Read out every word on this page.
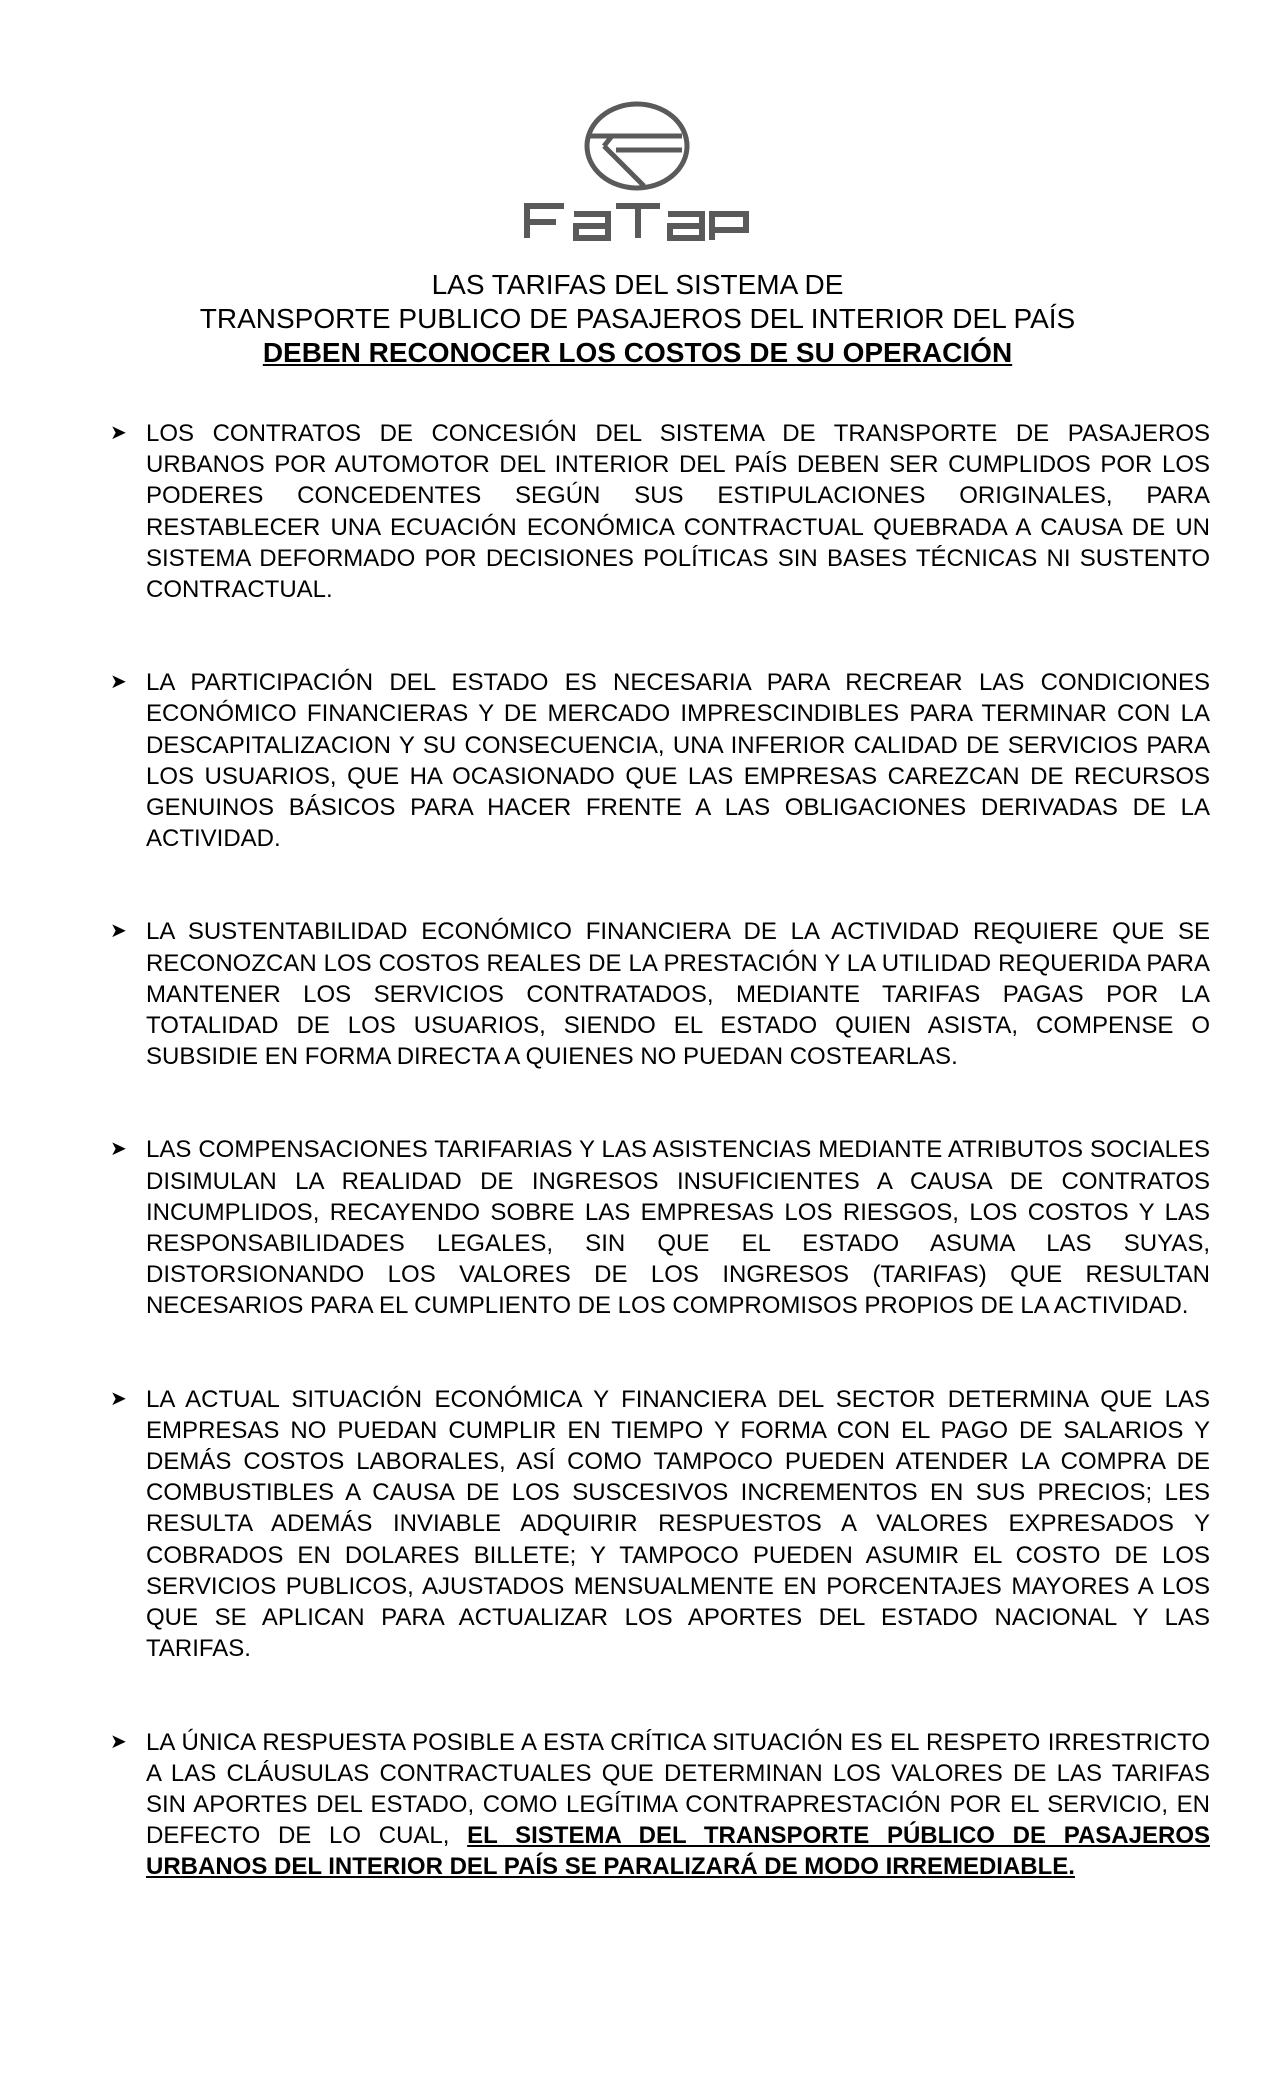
LAS TARIFAS DEL SISTEMA DE
TRANSPORTE PUBLICO DE PASAJEROS DEL INTERIOR DEL PAÍS
DEBEN RECONOCER LOS COSTOS DE SU OPERACIÓN
➤ LOS CONTRATOS DE CONCESIÓN DEL SISTEMA DE TRANSPORTE DE PASAJEROS URBANOS POR AUTOMOTOR DEL INTERIOR DEL PAÍS DEBEN SER CUMPLIDOS POR LOS PODERES CONCEDENTES SEGÚN SUS ESTIPULACIONES ORIGINALES, PARA RESTABLECER UNA ECUACIÓN ECONÓMICA CONTRACTUAL QUEBRADA A CAUSA DE UN SISTEMA DEFORMADO POR DECISIONES POLÍTICAS SIN BASES TÉCNICAS NI SUSTENTO CONTRACTUAL.
➤ LA PARTICIPACIÓN DEL ESTADO ES NECESARIA PARA RECREAR LAS CONDICIONES ECONÓMICO FINANCIERAS Y DE MERCADO IMPRESCINDIBLES PARA TERMINAR CON LA DESCAPITALIZACION Y SU CONSECUENCIA, UNA INFERIOR CALIDAD DE SERVICIOS PARA LOS USUARIOS, QUE HA OCASIONADO QUE LAS EMPRESAS CAREZCAN DE RECURSOS GENUINOS BÁSICOS PARA HACER FRENTE A LAS OBLIGACIONES DERIVADAS DE LA ACTIVIDAD.
➤ LA SUSTENTABILIDAD ECONÓMICO FINANCIERA DE LA ACTIVIDAD REQUIERE QUE SE RECONOZCAN LOS COSTOS REALES DE LA PRESTACIÓN Y LA UTILIDAD REQUERIDA PARA MANTENER LOS SERVICIOS CONTRATADOS, MEDIANTE TARIFAS PAGAS POR LA TOTALIDAD DE LOS USUARIOS, SIENDO EL ESTADO QUIEN ASISTA, COMPENSE O SUBSIDIE EN FORMA DIRECTA A QUIENES NO PUEDAN COSTEARLAS.
➤ LAS COMPENSACIONES TARIFARIAS Y LAS ASISTENCIAS MEDIANTE ATRIBUTOS SOCIALES DISIMULAN LA REALIDAD DE INGRESOS INSUFICIENTES A CAUSA DE CONTRATOS INCUMPLIDOS, RECAYENDO SOBRE LAS EMPRESAS LOS RIESGOS, LOS COSTOS Y LAS RESPONSABILIDADES LEGALES, SIN QUE EL ESTADO ASUMA LAS SUYAS, DISTORSIONANDO LOS VALORES DE LOS INGRESOS (TARIFAS) QUE RESULTAN NECESARIOS PARA EL CUMPLIENTO DE LOS COMPROMISOS PROPIOS DE LA ACTIVIDAD.
➤ LA ACTUAL SITUACIÓN ECONÓMICA Y FINANCIERA DEL SECTOR DETERMINA QUE LAS EMPRESAS NO PUEDAN CUMPLIR EN TIEMPO Y FORMA CON EL PAGO DE SALARIOS Y DEMÁS COSTOS LABORALES, ASÍ COMO TAMPOCO PUEDEN ATENDER LA COMPRA DE COMBUSTIBLES A CAUSA DE LOS SUSCESIVOS INCREMENTOS EN SUS PRECIOS; LES RESULTA ADEMÁS INVIABLE ADQUIRIR RESPUESTOS A VALORES EXPRESADOS Y COBRADOS EN DOLARES BILLETE; Y TAMPOCO PUEDEN ASUMIR EL COSTO DE LOS SERVICIOS PUBLICOS, AJUSTADOS MENSUALMENTE EN PORCENTAJES MAYORES A LOS QUE SE APLICAN PARA ACTUALIZAR LOS APORTES DEL ESTADO NACIONAL Y LAS TARIFAS.
➤ LA ÚNICA RESPUESTA POSIBLE A ESTA CRÍTICA SITUACIÓN ES EL RESPETO IRRESTRICTO A LAS CLÁUSULAS CONTRACTUALES QUE DETERMINAN LOS VALORES DE LAS TARIFAS SIN APORTES DEL ESTADO, COMO LEGÍTIMA CONTRAPRESTACIÓN POR EL SERVICIO, EN DEFECTO DE LO CUAL, EL SISTEMA DEL TRANSPORTE PÚBLICO DE PASAJEROS URBANOS DEL INTERIOR DEL PAÍS SE PARALIZARÁ DE MODO IRREMEDIABLE.
